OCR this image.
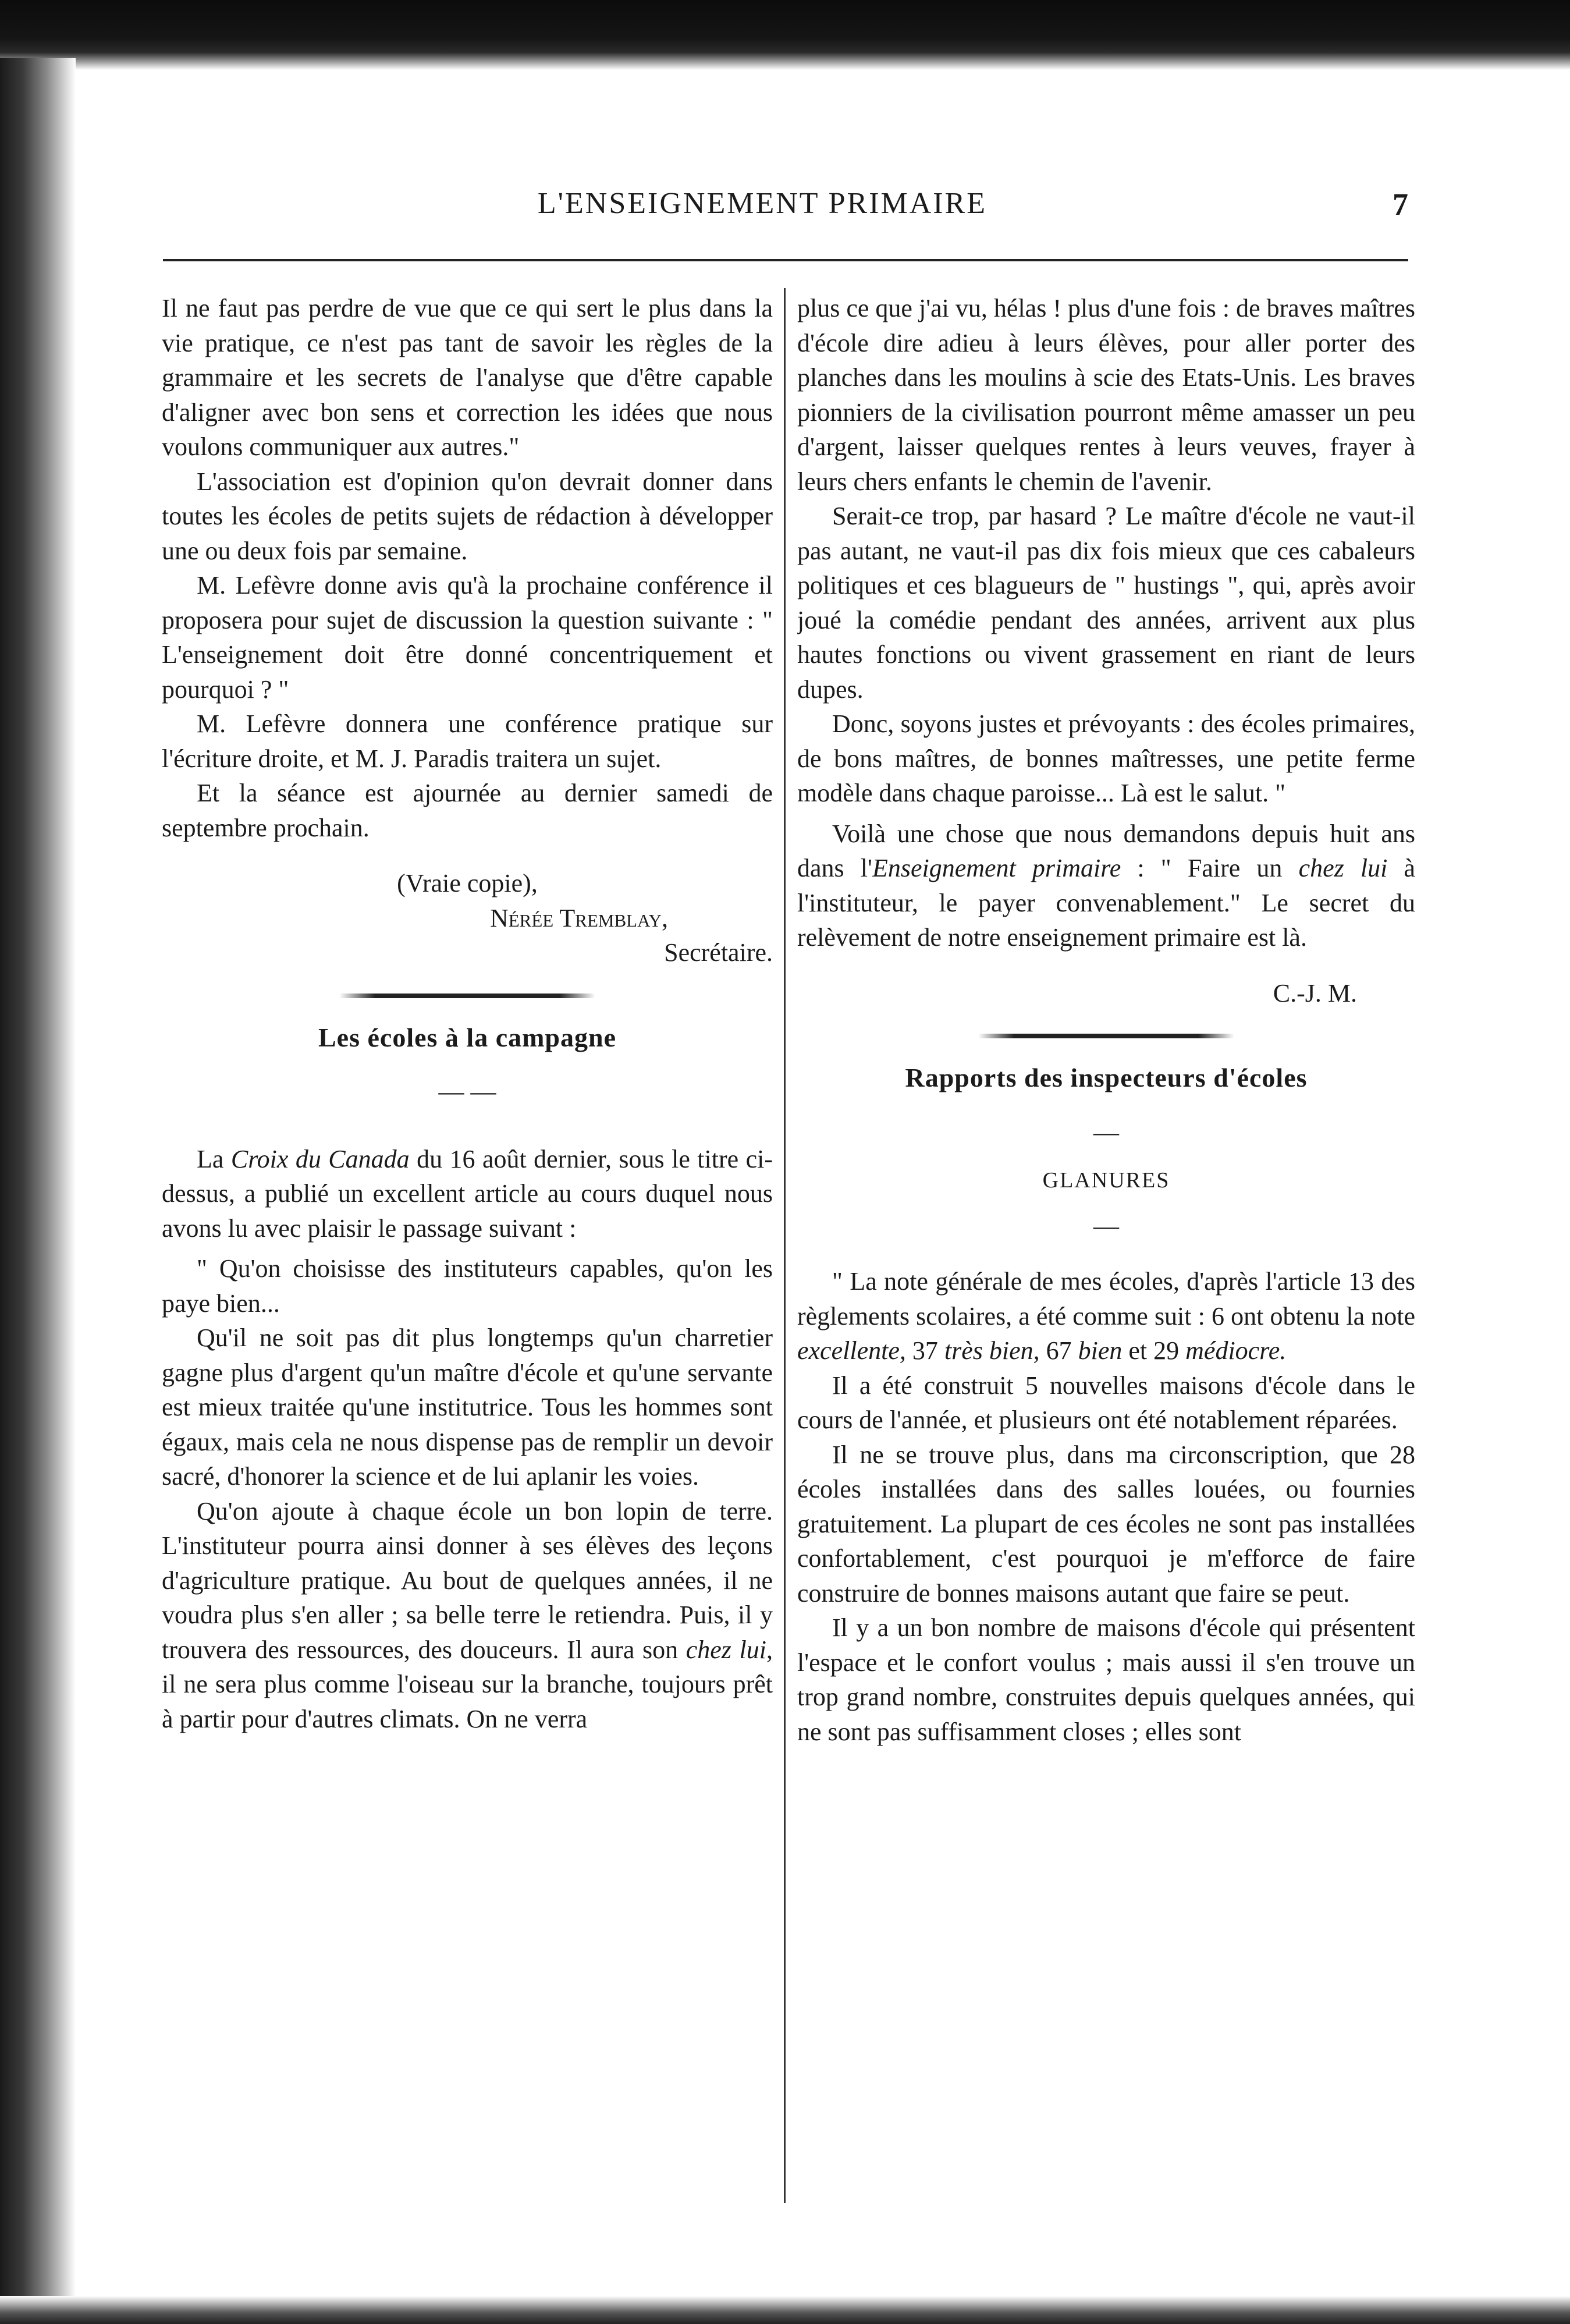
L'ENSEIGNEMENT PRIMAIRE	7

Il ne faut pas perdre de vue que ce qui sert le plus dans la vie pratique, ce n'est pas tant de savoir les règles de la grammaire et les secrets de l'analyse que d'être capable d'aligner avec bon sens et correction les idées que nous voulons communiquer aux autres."

L'association est d'opinion qu'on devrait donner dans toutes les écoles de petits sujets de rédaction à développer une ou deux fois par semaine.

M. Lefèvre donne avis qu'à la prochaine conférence il proposera pour sujet de discussion la question suivante : " L'enseignement doit être donné concentriquement et pourquoi ? "

M. Lefèvre donnera une conférence pratique sur l'écriture droite, et M. J. Paradis traitera un sujet.

Et la séance est ajournée au dernier samedi de septembre prochain.

(Vraie copie),
Nérée Tremblay,
Secrétaire.
Les écoles à la campagne
— —

La Croix du Canada du 16 août dernier, sous le titre ci-dessus, a publié un excellent article au cours duquel nous avons lu avec plaisir le passage suivant :

" Qu'on choisisse des instituteurs capables, qu'on les paye bien...

Qu'il ne soit pas dit plus longtemps qu'un charretier gagne plus d'argent qu'un maître d'école et qu'une servante est mieux traitée qu'une institutrice. Tous les hommes sont égaux, mais cela ne nous dispense pas de remplir un devoir sacré, d'honorer la science et de lui aplanir les voies.

Qu'on ajoute à chaque école un bon lopin de terre. L'instituteur pourra ainsi donner à ses élèves des leçons d'agriculture pratique. Au bout de quelques années, il ne voudra plus s'en aller ; sa belle terre le retiendra. Puis, il y trouvera des ressources, des douceurs. Il aura son chez lui, il ne sera plus comme l'oiseau sur la branche, toujours prêt à partir pour d'autres climats. On ne verra

plus ce que j'ai vu, hélas ! plus d'une fois : de braves maîtres d'école dire adieu à leurs élèves, pour aller porter des planches dans les moulins à scie des Etats-Unis. Les braves pionniers de la civilisation pourront même amasser un peu d'argent, laisser quelques rentes à leurs veuves, frayer à leurs chers enfants le chemin de l'avenir.

Serait-ce trop, par hasard ? Le maître d'école ne vaut-il pas autant, ne vaut-il pas dix fois mieux que ces cabaleurs politiques et ces blagueurs de " hustings ", qui, après avoir joué la comédie pendant des années, arrivent aux plus hautes fonctions ou vivent grassement en riant de leurs dupes.

Donc, soyons justes et prévoyants : des écoles primaires, de bons maîtres, de bonnes maîtresses, une petite ferme modèle dans chaque paroisse... Là est le salut. "

Voilà une chose que nous demandons depuis huit ans dans l'Enseignement primaire : " Faire un chez lui à l'instituteur, le payer convenablement." Le secret du relèvement de notre enseignement primaire est là.

C.-J. M.
Rapports des inspecteurs d'écoles
—
GLANURES
—

" La note générale de mes écoles, d'après l'article 13 des règlements scolaires, a été comme suit : 6 ont obtenu la note excellente, 37 très bien, 67 bien et 29 médiocre.

Il a été construit 5 nouvelles maisons d'école dans le cours de l'année, et plusieurs ont été notablement réparées.

Il ne se trouve plus, dans ma circonscription, que 28 écoles installées dans des salles louées, ou fournies gratuitement. La plupart de ces écoles ne sont pas installées confortablement, c'est pourquoi je m'efforce de faire construire de bonnes maisons autant que faire se peut.

Il y a un bon nombre de maisons d'école qui présentent l'espace et le confort voulus ; mais aussi il s'en trouve un trop grand nombre, construites depuis quelques années, qui ne sont pas suffisamment closes ; elles sont
